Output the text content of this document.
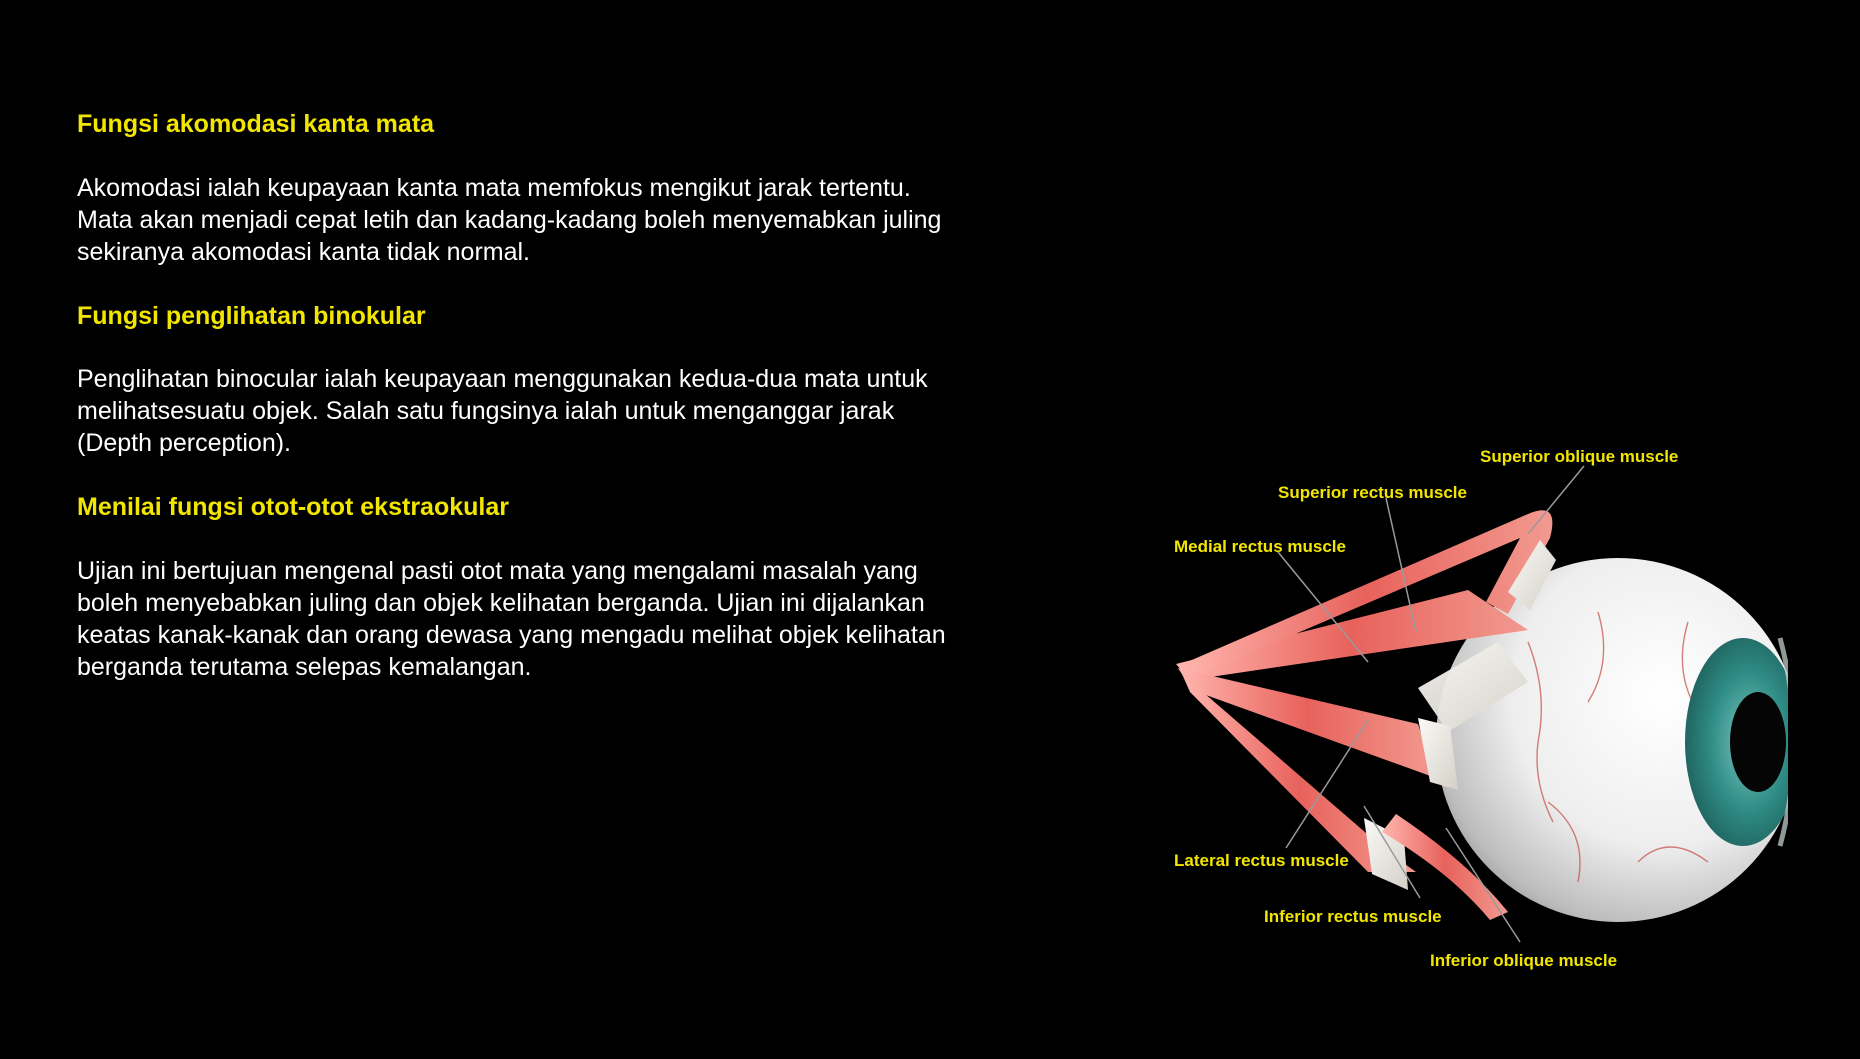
Fungsi akomodasi kanta mata

Akomodasi ialah keupayaan kanta mata memfokus mengikut jarak tertentu.
Mata akan menjadi cepat letih dan kadang-kadang boleh menyemabkan juling
sekiranya akomodasi kanta tidak normal.

Fungsi penglihatan binokular

Penglihatan binocular ialah keupayaan menggunakan kedua-dua mata untuk
melihatsesuatu objek. Salah satu fungsinya ialah untuk menganggar jarak
(Depth perception).

Menilai fungsi otot-otot ekstraokular

Ujian ini bertujuan mengenal pasti otot mata yang mengalami masalah yang
boleh menyebabkan juling dan objek kelihatan berganda. Ujian ini dijalankan
keatas kanak-kanak dan orang dewasa yang mengadu melihat objek kelihatan
berganda terutama selepas kemalangan.

Superior oblique muscle
Superior rectus muscle
Medial rectus muscle
Lateral rectus muscle
Inferior rectus muscle
Inferior oblique muscle
